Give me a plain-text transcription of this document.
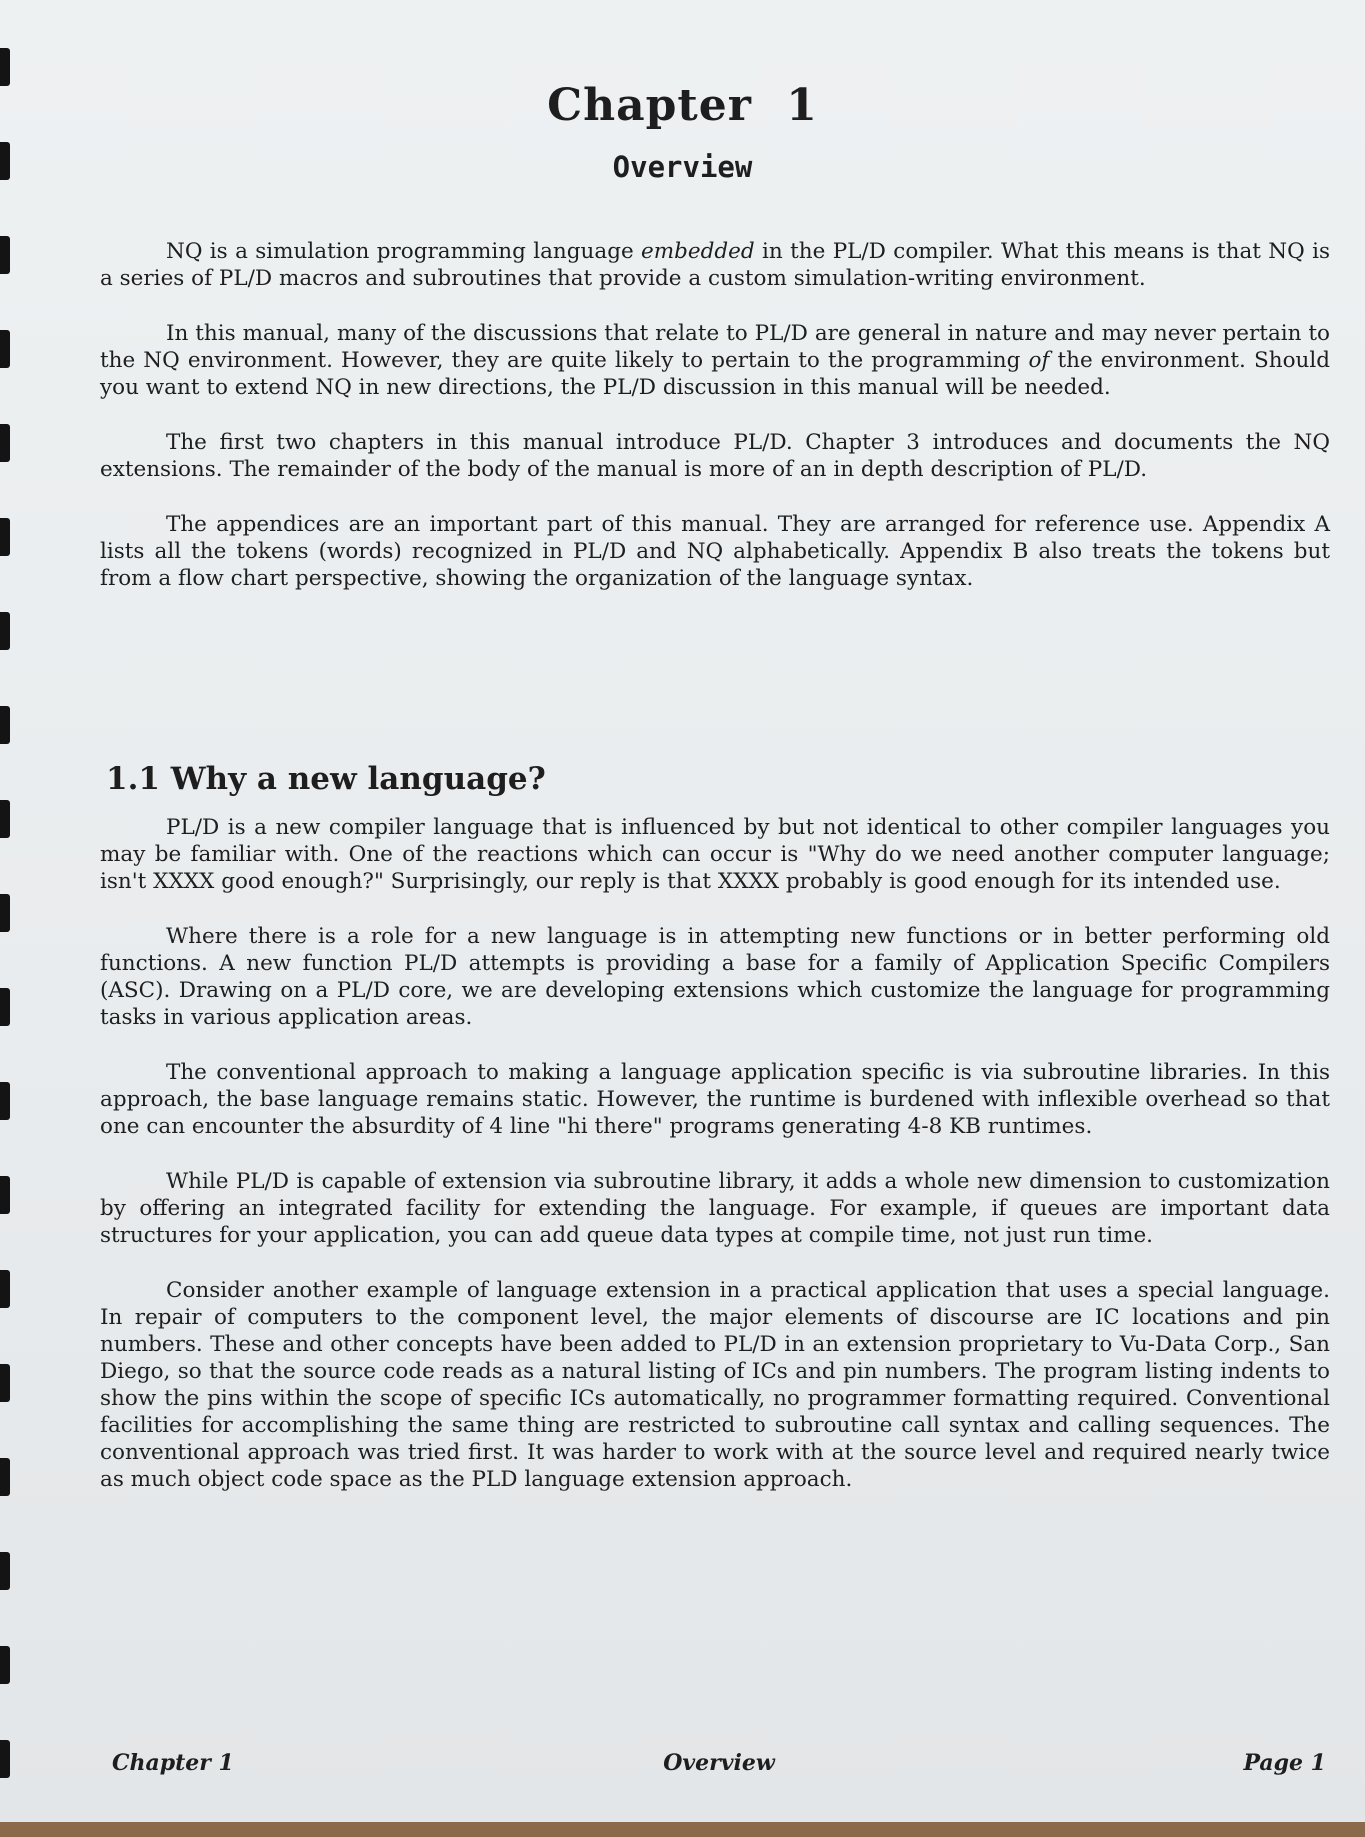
Chapter 1
Overview

NQ is a simulation programming language embedded in the PL/D compiler. What this means is that NQ is a series of PL/D macros and subroutines that provide a custom simulation-writing environment.

In this manual, many of the discussions that relate to PL/D are general in nature and may never pertain to the NQ environment. However, they are quite likely to pertain to the programming of the environment. Should you want to extend NQ in new directions, the PL/D discussion in this manual will be needed.

The first two chapters in this manual introduce PL/D. Chapter 3 introduces and documents the NQ extensions. The remainder of the body of the manual is more of an in depth description of PL/D.

The appendices are an important part of this manual. They are arranged for reference use. Appendix A lists all the tokens (words) recognized in PL/D and NQ alphabetically. Appendix B also treats the tokens but from a flow chart perspective, showing the organization of the language syntax.

1.1 Why a new language?

PL/D is a new compiler language that is influenced by but not identical to other compiler languages you may be familiar with. One of the reactions which can occur is "Why do we need another computer language; isn't XXXX good enough?" Surprisingly, our reply is that XXXX probably is good enough for its intended use.

Where there is a role for a new language is in attempting new functions or in better performing old functions. A new function PL/D attempts is providing a base for a family of Application Specific Compilers (ASC). Drawing on a PL/D core, we are developing extensions which customize the language for programming tasks in various application areas.

The conventional approach to making a language application specific is via subroutine libraries. In this approach, the base language remains static. However, the runtime is burdened with inflexible overhead so that one can encounter the absurdity of 4 line "hi there" programs generating 4-8 KB runtimes.

While PL/D is capable of extension via subroutine library, it adds a whole new dimension to customization by offering an integrated facility for extending the language. For example, if queues are important data structures for your application, you can add queue data types at compile time, not just run time.

Consider another example of language extension in a practical application that uses a special language. In repair of computers to the component level, the major elements of discourse are IC locations and pin numbers. These and other concepts have been added to PL/D in an extension proprietary to Vu-Data Corp., San Diego, so that the source code reads as a natural listing of ICs and pin numbers. The program listing indents to show the pins within the scope of specific ICs automatically, no programmer formatting required. Conventional facilities for accomplishing the same thing are restricted to subroutine call syntax and calling sequences. The conventional approach was tried first. It was harder to work with at the source level and required nearly twice as much object code space as the PLD language extension approach.

Chapter 1	Overview	Page 1
